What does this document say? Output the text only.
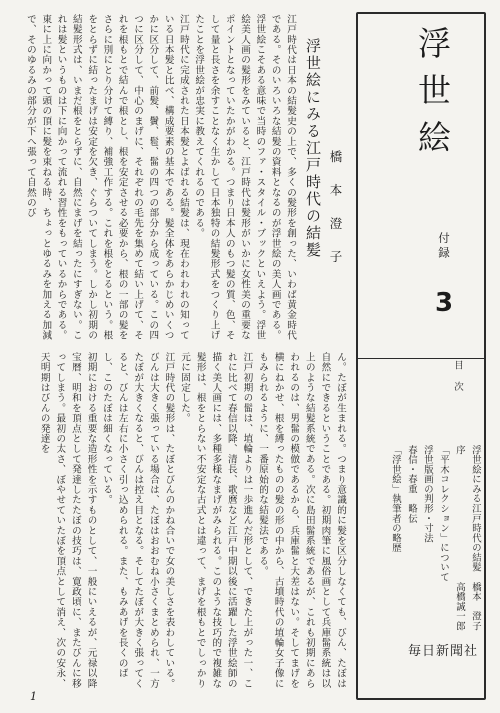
江戸時代は日本の結髪史の上で、多くの髪形を創った、いわば黄金時代である。そのいろいろな結髪の資料となるのが浮世絵の美人画である。浮世絵こそある意味で当時のファ・スタイル・ブックといえよう。浮世絵美人画の髪形をみていると、江戸時代は髪形がいかに女性美の重要なポイントとなっていたかがわかる。つまり日本人のもつ髪の質、色、そして量と長さを余すことなく生かして日本独特の結髪形式をつくり上げたことを浮世絵が忠実に教えてくれるのである。
江戸時代に完成された日本髪とよばれる結髪は、現在われわれの知っている日本髪と比べ、構成要素の基本である。髪全体をあらかじめいくつかに区分して、前髪、鬢、髱、髷の四つの部分から成っている。この四つに区分して、中心のまげに、それぞれの毛先を集めて結い上げて、それを根もとで結んで根とし、根を安定させる必要から、根の一部の髪をさらに別にとり分けて縛り、補強工作する。これを根をとるという。根をとらずに結ったまげは安定を欠き、ぐらついてしまう。しかし初期の結髪形式は、いまだ根をとらずに、自然にまげを結ったにすぎない。これは髪というものは下に向かって流れる習性をもっているからである。東に上に向かって頭の頂に髪を束ねる時、ちょっとゆるみを加える加減で、そのゆるみの部分が下へ張って自然のび	浮世絵にみる江戸時代の結髪 橋　本　澄　子
浮世絵
付録
3
目次
浮世絵にみる江戸時代の結髪　橋本　澄子
序　　　　　　　　　　　　　高橋誠一郎
「平木コレクション」について
浮世版画の判形・寸法
春信・春重　略伝
「浮世絵」執筆者の略歴
毎日新聞社
ん。たぼが生まれる。つまり意識的に髪を区分しなくても、びん、たぼは自然にできるということである。初期肉筆に風俗画として兵庫髷系統は以上のような結髪系統である。次に島田髷系統であるが、これも初期にあらわれるのは、男髷の模倣であるから、兵庫髷と大差はない。そしてまげを横にねかせ、根を縛ったものの髪の形の中から、古墳時代の埴輪女子像にもみられるように、一番原始的な結髪法である。
江戸初期の髷は、埴輪よりは一歩進んだ形として、できた上がった一、これに比べて春信以降、清長、歌麿など江戸中期以後に活躍した浮世絵師の描く美人画には、多種多様なまげがみられる。このような技巧的で複雑な髪形は、根をとらない不安定な古式とは違って、まげを根もとでしっかり元に固定した。
江戸時代の髪形は、たぼとびんのかね合いで女の美しさを表わしている。びんは大きく張っている場合は、たぼはおおむね小さくまとめられ、一方たぼが大きくなると、びんは控え目となる。そしてたぼが大きく張ってくると、びんは左右に小さく引っ込められる。また、もみあげを長くのばし、このたぼは細くなっている。
初期における重要な造形性を示すものとして、一般にいえるが、元禄以降宝暦、明和を頂点として発達したたぼの技巧は、寛政頃に、またびんに移ってしまう。最初の太さ、ぼやせていたぼを頂点として消え、次の安永、天明期はびんの発達を
1
